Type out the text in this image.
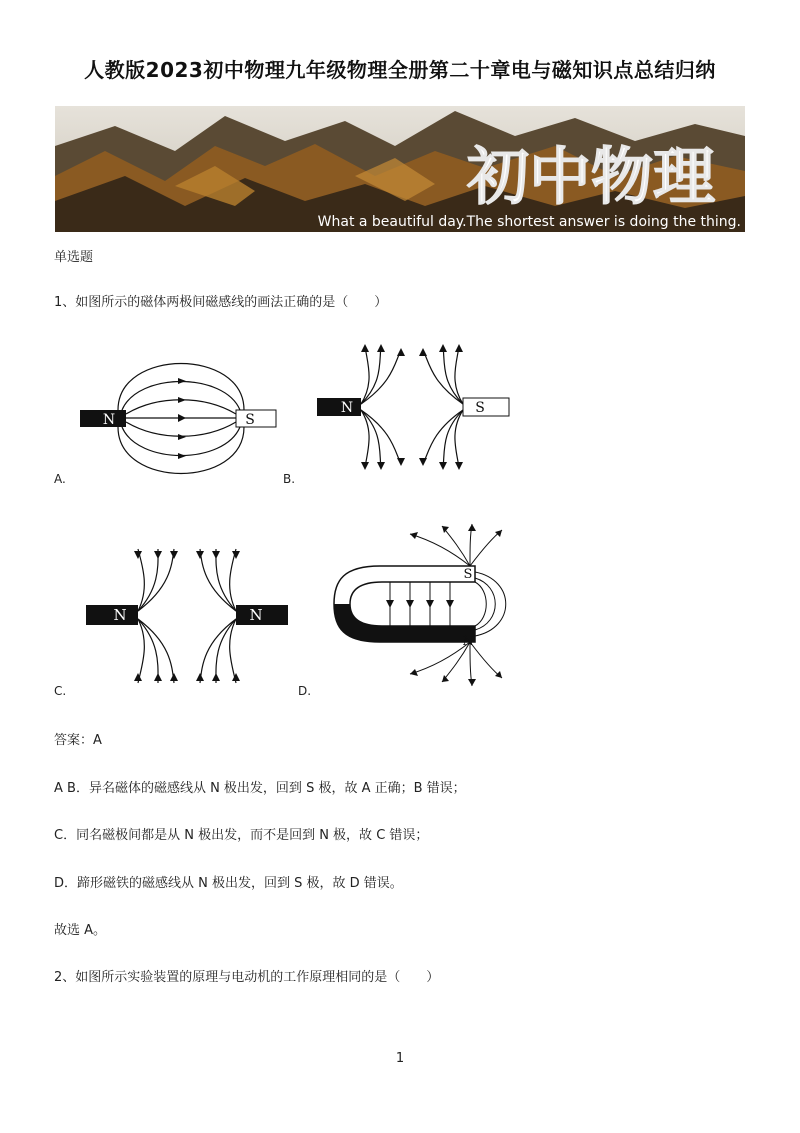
人教版2023初中物理九年级物理全册第二十章电与磁知识点总结归纳
初中物理
What a beautiful day.The shortest answer is doing the thing.
单选题
1、如图所示的磁体两极间磁感线的画法正确的是（　　）
N	S
A.
N	S
B.
N	N
C.
S
N
D.
答案：A
A B．异名磁体的磁感线从 N 极出发，回到 S 极，故 A 正确；B 错误；
C．同名磁极间都是从 N 极出发，而不是回到 N 极，故 C 错误；
D．蹄形磁铁的磁感线从 N 极出发，回到 S 极，故 D 错误。
故选 A。
2、如图所示实验装置的原理与电动机的工作原理相同的是（　　）
1
